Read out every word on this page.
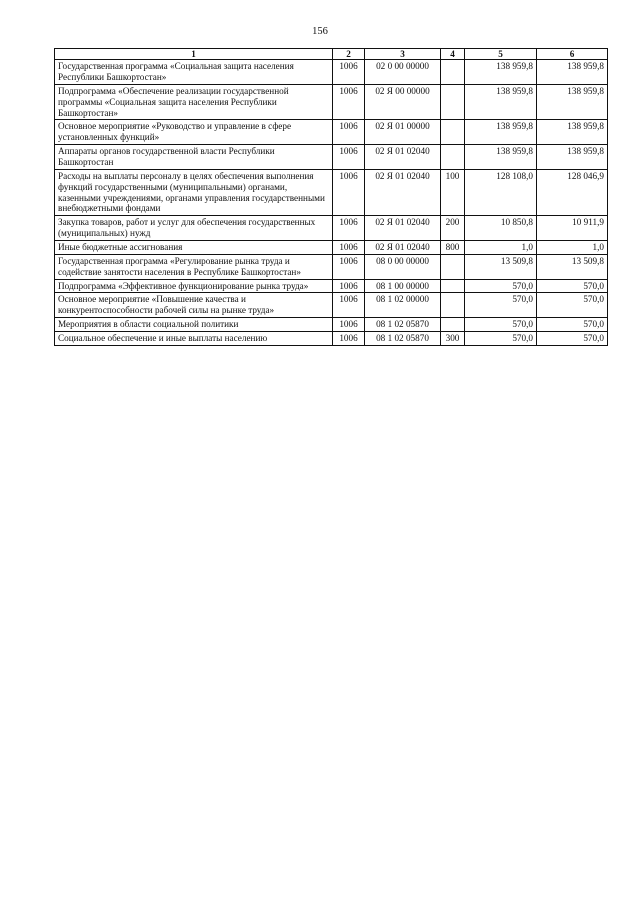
156
1	2	3	4	5	6
Государственная программа «Социальная защита населения Республики Башкортостан»	1006	02 0 00 00000		138 959,8	138 959,8
Подпрограмма «Обеспечение реализации государственной программы «Социальная защита населения Республики Башкортостан»	1006	02 Я 00 00000		138 959,8	138 959,8
Основное мероприятие «Руководство и управление в сфере установленных функций»	1006	02 Я 01 00000		138 959,8	138 959,8
Аппараты органов государственной власти Республики Башкортостан	1006	02 Я 01 02040		138 959,8	138 959,8
Расходы на выплаты персоналу в целях обеспечения выполнения функций государственными (муниципальными) органами, казенными учреждениями, органами управления государственными внебюджетными фондами	1006	02 Я 01 02040	100	128 108,0	128 046,9
Закупка товаров, работ и услуг для обеспечения государственных (муниципальных) нужд	1006	02 Я 01 02040	200	10 850,8	10 911,9
Иные бюджетные ассигнования	1006	02 Я 01 02040	800	1,0	1,0
Государственная программа «Регулирование рынка труда и содействие занятости населения в Республике Башкортостан»	1006	08 0 00 00000		13 509,8	13 509,8
Подпрограмма «Эффективное функционирование рынка труда»	1006	08 1 00 00000		570,0	570,0
Основное мероприятие «Повышение качества и конкурентоспособности рабочей силы на рынке труда»	1006	08 1 02 00000		570,0	570,0
Мероприятия в области социальной политики	1006	08 1 02 05870		570,0	570,0
Социальное обеспечение и иные выплаты населению	1006	08 1 02 05870	300	570,0	570,0
